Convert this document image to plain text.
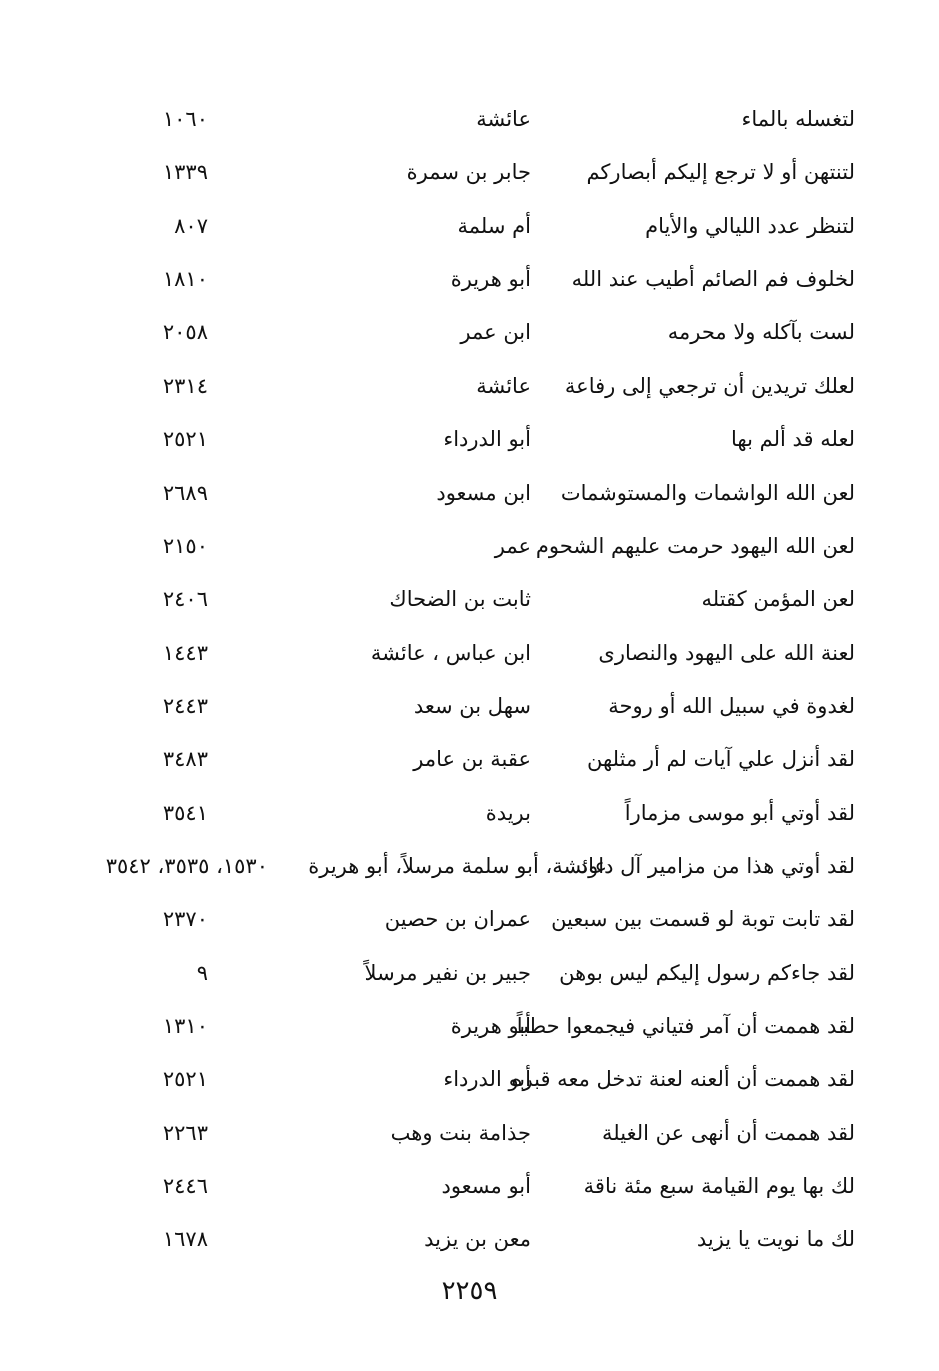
لتغسله بالماء
عائشة
١٠٦٠
لتنتهن أو لا ترجع إليكم أبصاركم
جابر بن سمرة
١٣٣٩
لتنظر عدد الليالي والأيام
أم سلمة
٨٠٧
لخلوف فم الصائم أطيب عند الله
أبو هريرة
١٨١٠
لست بآكله ولا محرمه
ابن عمر
٢٠٥٨
لعلك تريدين أن ترجعي إلى رفاعة
عائشة
٢٣١٤
لعله قد ألم بها
أبو الدرداء
٢٥٢١
لعن الله الواشمات والمستوشمات
ابن مسعود
٢٦٨٩
لعن الله اليهود حرمت عليهم الشحوم
عمر
٢١٥٠
لعن المؤمن كقتله
ثابت بن الضحاك
٢٤٠٦
لعنة الله على اليهود والنصارى
ابن عباس ، عائشة
١٤٤٣
لغدوة في سبيل الله أو روحة
سهل بن سعد
٢٤٤٣
لقد أنزل علي آيات لم أر مثلهن
عقبة بن عامر
٣٤٨٣
لقد أوتي أبو موسى مزماراً
بريدة
٣٥٤١
لقد أوتي هذا من مزامير آل داود
عائشة، أبو سلمة مرسلاً، أبو هريرة
١٥٣٠، ٣٥٣٥، ٣٥٤٢
لقد تابت توبة لو قسمت بين سبعين
عمران بن حصين
٢٣٧٠
لقد جاءكم رسول إليكم ليس بوهن
جبير بن نفير مرسلاً
٩
لقد هممت أن آمر فتياني فيجمعوا حطباً
أبو هريرة
١٣١٠
لقد هممت أن ألعنه لعنة تدخل معه قبره
أبو الدرداء
٢٥٢١
لقد هممت أن أنهى عن الغيلة
جذامة بنت وهب
٢٢٦٣
لك بها يوم القيامة سبع مئة ناقة
أبو مسعود
٢٤٤٦
لك ما نويت يا يزيد
معن بن يزيد
١٦٧٨
٢٢٥٩
